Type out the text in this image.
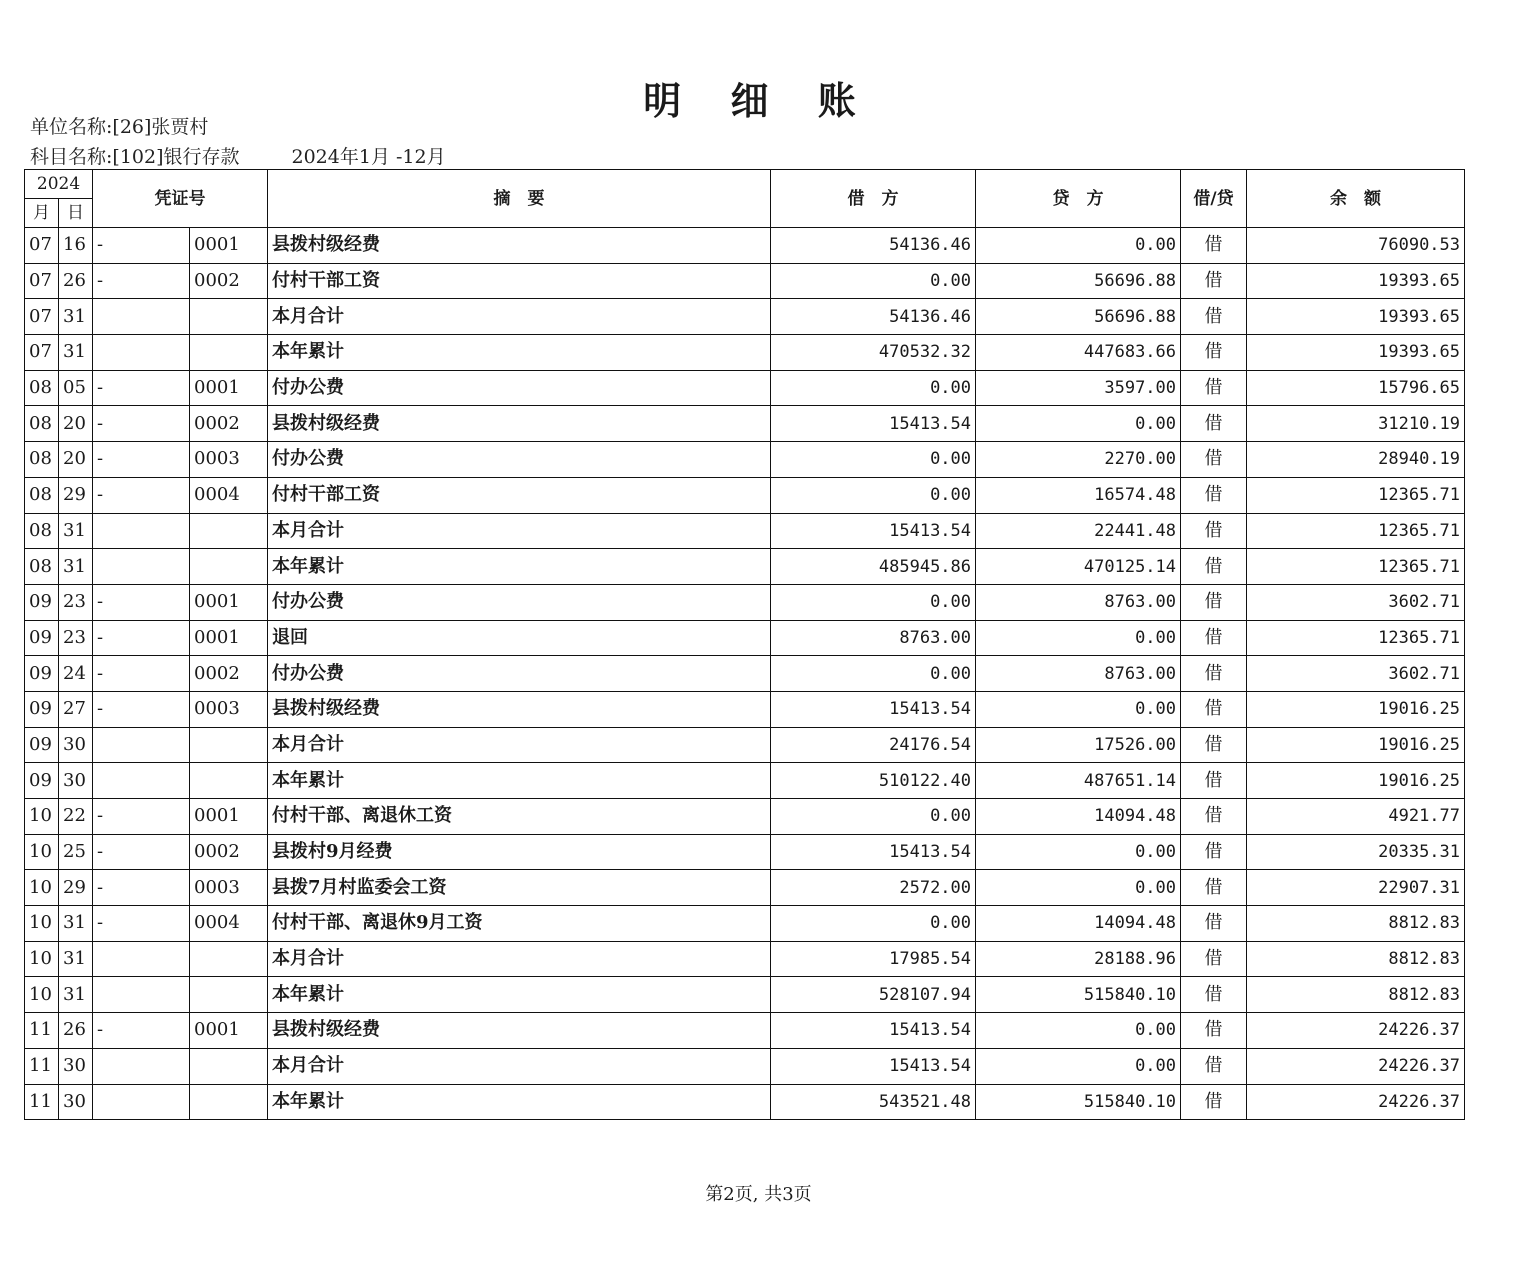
明 细 账
单位名称:[26]张贾村
科目名称:[102]银行存款	2024年1月 -12月
2024		凭证号		摘　要	借　方	贷　方	借/贷	余　额
月	日							
07	16	-	0001	县拨村级经费	54136.46	0.00	借	76090.53
07	26	-	0002	付村干部工资	0.00	56696.88	借	19393.65
07	31			本月合计	54136.46	56696.88	借	19393.65
07	31			本年累计	470532.32	447683.66	借	19393.65
08	05	-	0001	付办公费	0.00	3597.00	借	15796.65
08	20	-	0002	县拨村级经费	15413.54	0.00	借	31210.19
08	20	-	0003	付办公费	0.00	2270.00	借	28940.19
08	29	-	0004	付村干部工资	0.00	16574.48	借	12365.71
08	31			本月合计	15413.54	22441.48	借	12365.71
08	31			本年累计	485945.86	470125.14	借	12365.71
09	23	-	0001	付办公费	0.00	8763.00	借	3602.71
09	23	-	0001	退回	8763.00	0.00	借	12365.71
09	24	-	0002	付办公费	0.00	8763.00	借	3602.71
09	27	-	0003	县拨村级经费	15413.54	0.00	借	19016.25
09	30			本月合计	24176.54	17526.00	借	19016.25
09	30			本年累计	510122.40	487651.14	借	19016.25
10	22	-	0001	付村干部、离退休工资	0.00	14094.48	借	4921.77
10	25	-	0002	县拨村9月经费	15413.54	0.00	借	20335.31
10	29	-	0003	县拨7月村监委会工资	2572.00	0.00	借	22907.31
10	31	-	0004	付村干部、离退休9月工资	0.00	14094.48	借	8812.83
10	31			本月合计	17985.54	28188.96	借	8812.83
10	31			本年累计	528107.94	515840.10	借	8812.83
11	26	-	0001	县拨村级经费	15413.54	0.00	借	24226.37
11	30			本月合计	15413.54	0.00	借	24226.37
11	30			本年累计	543521.48	515840.10	借	24226.37
第2页, 共3页
